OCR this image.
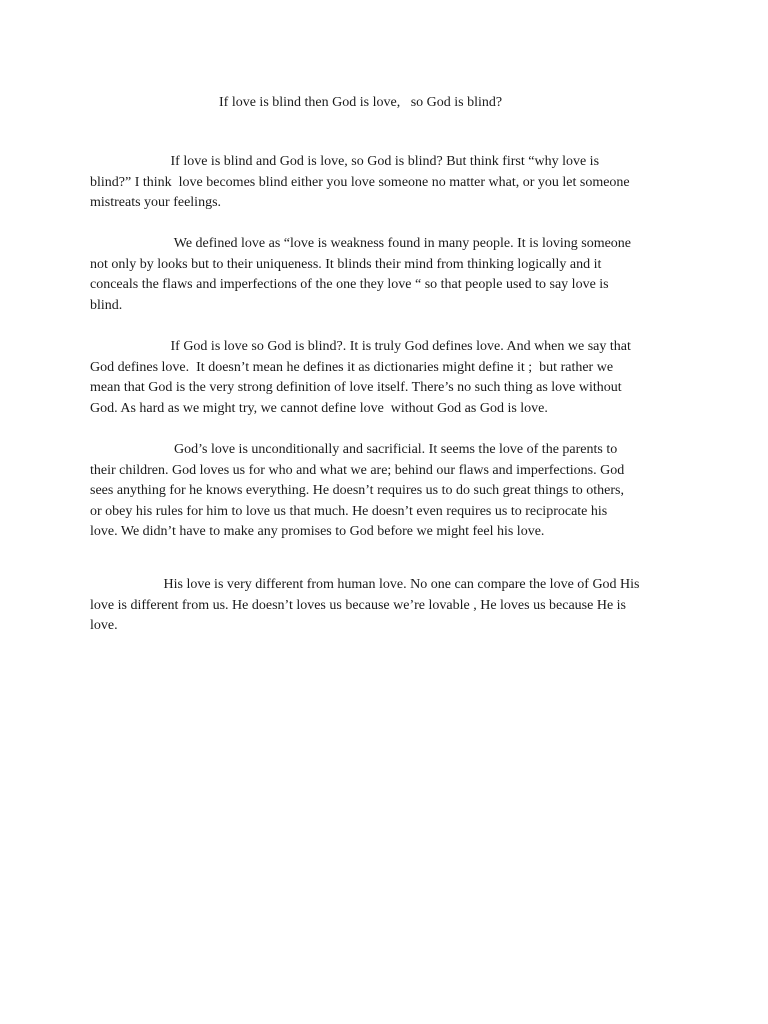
If love is blind then God is love,   so God is blind?
If love is blind and God is love, so God is blind? But think first “why love is
blind?” I think  love becomes blind either you love someone no matter what, or you let someone
mistreats your feelings.
We defined love as “love is weakness found in many people. It is loving someone
not only by looks but to their uniqueness. It blinds their mind from thinking logically and it
conceals the flaws and imperfections of the one they love “ so that people used to say love is
blind.
If God is love so God is blind?. It is truly God defines love. And when we say that
God defines love.  It doesn’t mean he defines it as dictionaries might define it ;  but rather we
mean that God is the very strong definition of love itself. There’s no such thing as love without
God. As hard as we might try, we cannot define love  without God as God is love.
God’s love is unconditionally and sacrificial. It seems the love of the parents to
their children. God loves us for who and what we are; behind our flaws and imperfections. God
sees anything for he knows everything. He doesn’t requires us to do such great things to others,
or obey his rules for him to love us that much. He doesn’t even requires us to reciprocate his
love. We didn’t have to make any promises to God before we might feel his love.
His love is very different from human love. No one can compare the love of God His
love is different from us. He doesn’t loves us because we’re lovable , He loves us because He is
love.
